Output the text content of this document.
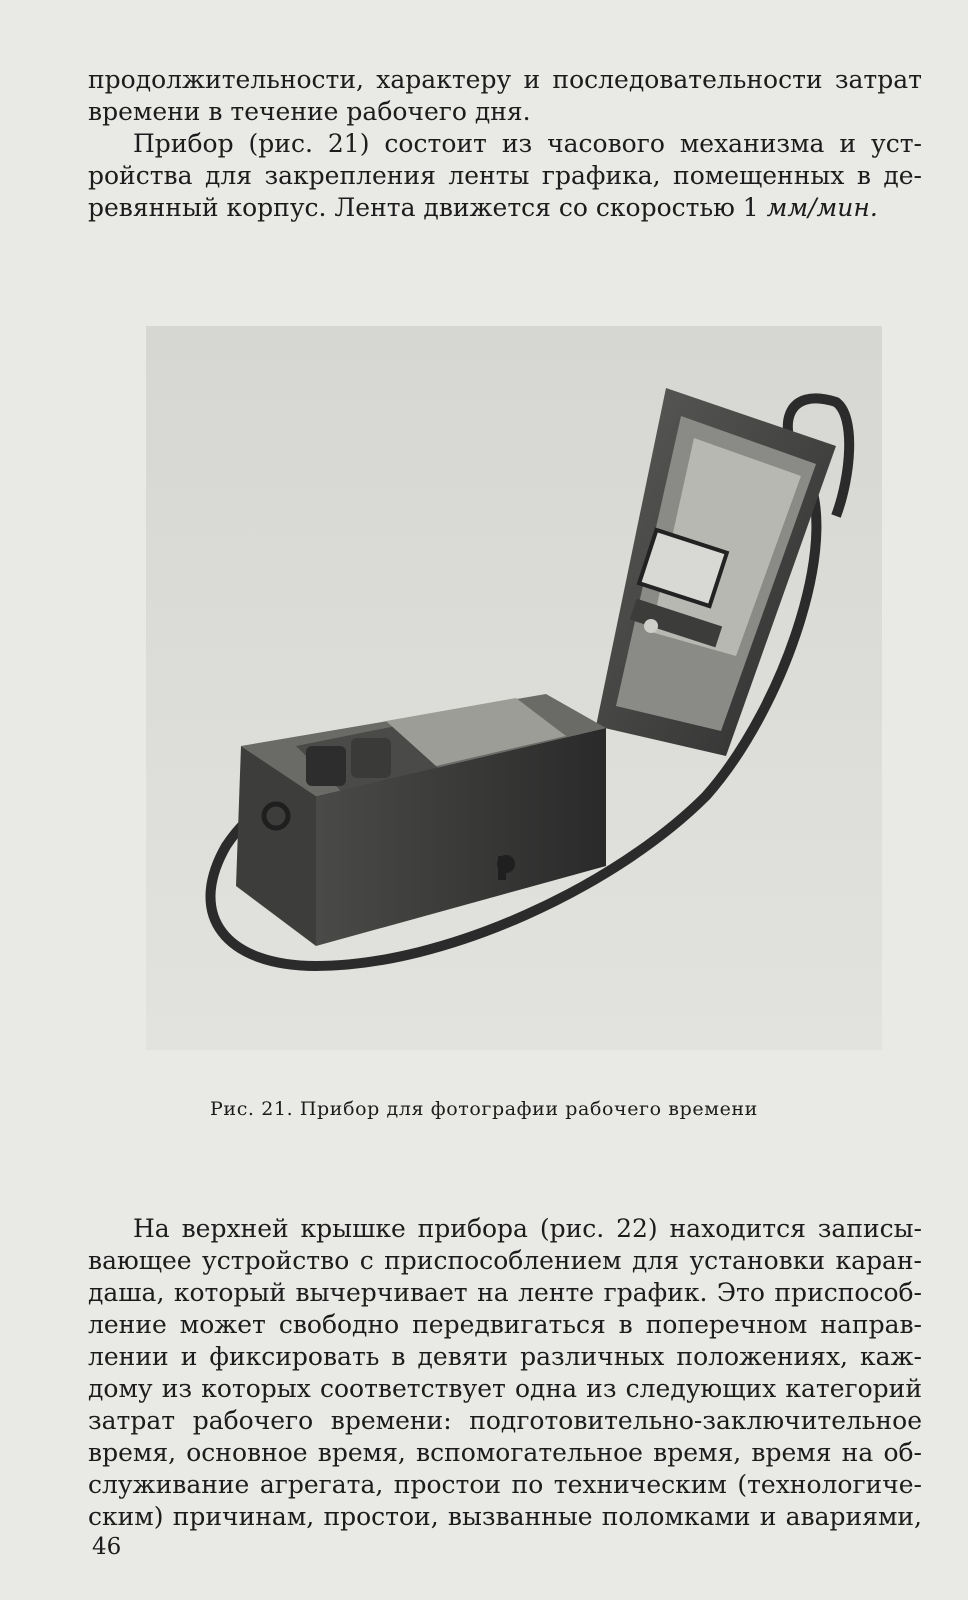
продолжительности, характеру и последовательности затрат
времени в течение рабочего дня.

Прибор (рис. 21) состоит из часового механизма и уст-
ройства для закрепления ленты графика, помещенных в де-
ревянный корпус. Лента движется со скоростью 1 мм/мин.

Рис. 21. Прибор для фотографии рабочего времени

На верхней крышке прибора (рис. 22) находится записы-
вающее устройство с приспособлением для установки каран-
даша, который вычерчивает на ленте график. Это приспособ-
ление может свободно передвигаться в поперечном направ-
лении и фиксировать в девяти различных положениях, каж-
дому из которых соответствует одна из следующих категорий
затрат рабочего времени: подготовительно-заключительное
время, основное время, вспомогательное время, время на об-
служивание агрегата, простои по техническим (технологиче-
ским) причинам, простои, вызванные поломками и авариями,

46
